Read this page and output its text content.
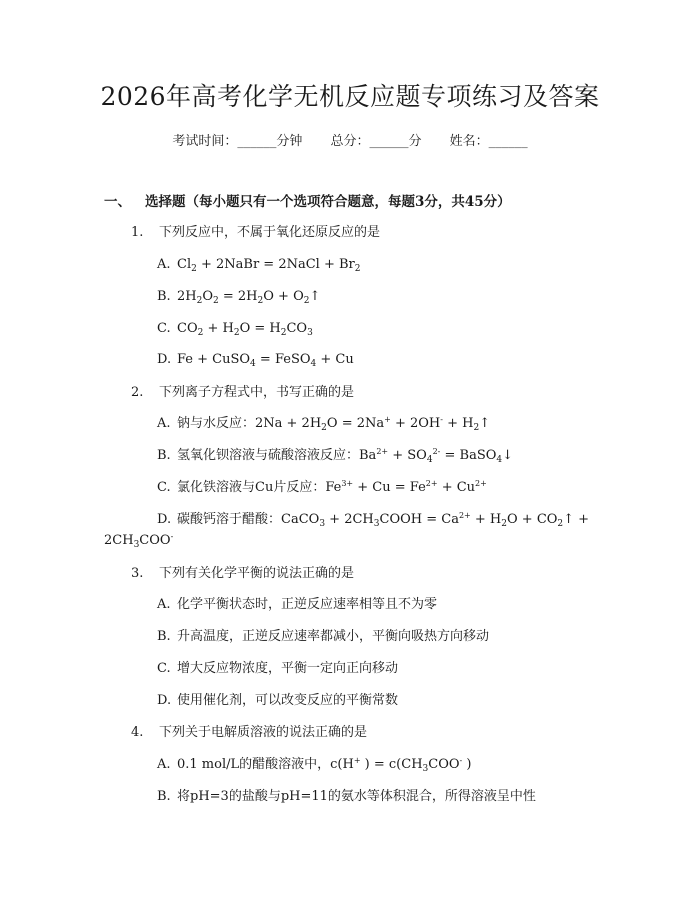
2026年高考化学无机反应题专项练习及答案
考试时间：______分钟 总分：______分 姓名：______
一、 选择题（每小题只有一个选项符合题意，每题3分，共45分）
1. 下列反应中，不属于氧化还原反应的是
A. $Cl_2$ + 2NaBr = 2NaCl + $Br_2$
B. $2H_2O_2 = 2H_2O$ + $O_2↑$
C. $CO_2 + H_2O = H_2CO_3$
D. Fe + CuSO$_4$ = FeSO$_4$ + Cu
2. 下列离子方程式中，书写正确的是
A. 钠与水反应：$2Na + 2H_2O = 2Na^+ + 2OH^-$ + $H_2↑$
B. 氢氧化钡溶液与硫酸溶液反应：$Ba^{2+} + SO_4^{2-}$ = BaSO$_4$↓
C. 氯化铁溶液与Cu片反应：$Fe^{3+} + Cu = Fe^{2+} + Cu^{2+}$
D. 碳酸钙溶于醋酸：CaCO$_3$ + $2CH_3COOH = Ca^{2+} + H_2O$ + $CO_2↑$ +
$2CH_3COO^-$
3. 下列有关化学平衡的说法正确的是
A. 化学平衡状态时，正逆反应速率相等且不为零
B. 升高温度，正逆反应速率都减小，平衡向吸热方向移动
C. 增大反应物浓度，平衡一定向正向移动
D. 使用催化剂，可以改变反应的平衡常数
4. 下列关于电解质溶液的说法正确的是
A. 0.1 mol/L的醋酸溶液中，c(H+ ) = $c(CH_3COO^-$ )
B. 将pH=3的盐酸与pH=11的氨水等体积混合，所得溶液呈中性
